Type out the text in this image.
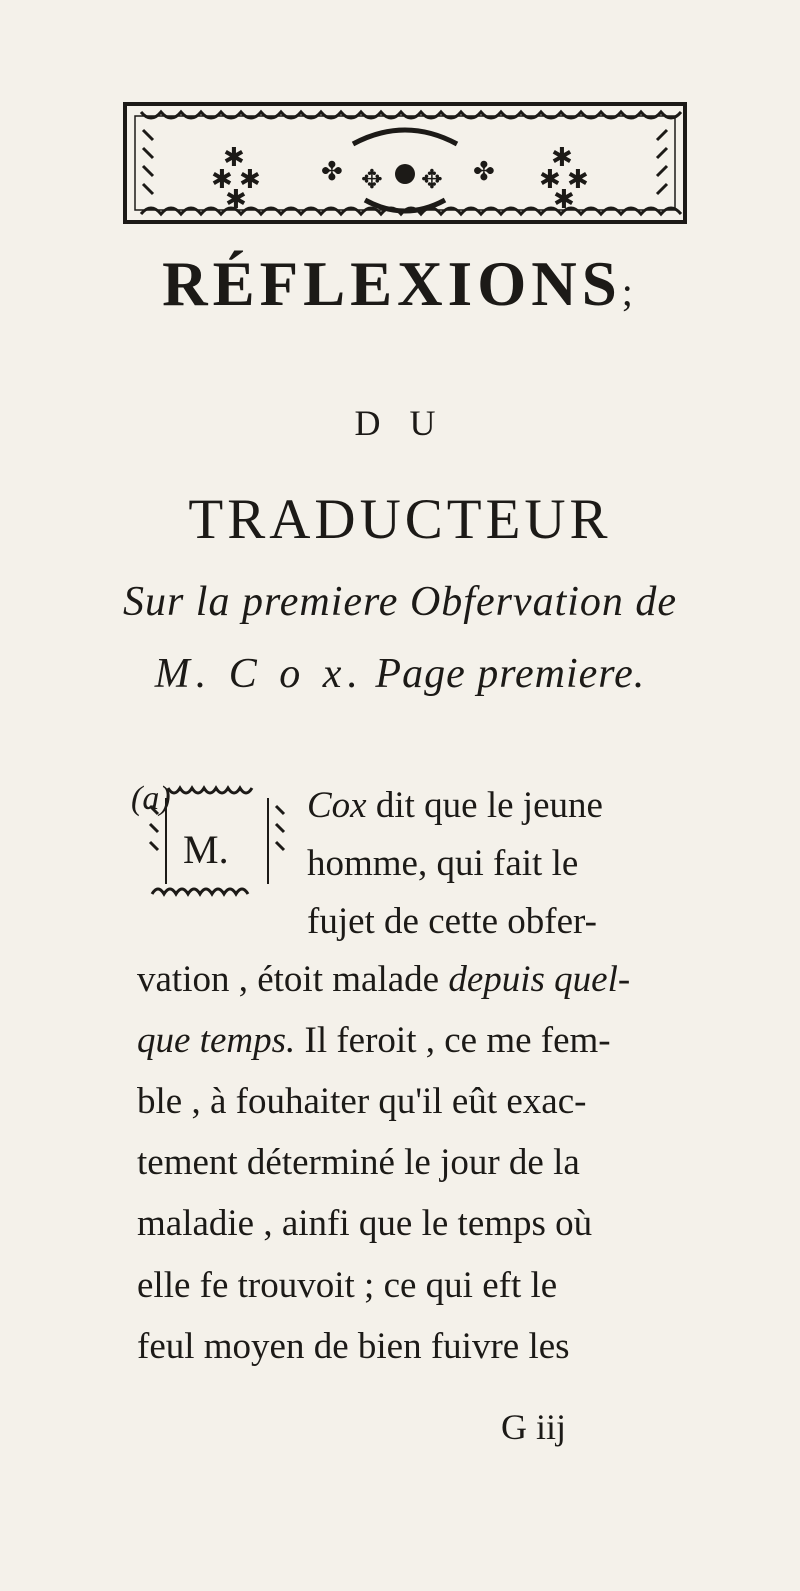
✱
✱ ✱
✱
✱
✱ ✱
✱
✤	✤
✥ ✥
RÉFLEXIONS;
D U
TRADUCTEUR
Sur la premiere Obfervation de
M. C o x. Page premiere.
(a)
M.
Cox dit que le jeune
homme, qui fait le
fujet de cette obfer-
vation , étoit malade depuis quel-
que temps. Il feroit , ce me fem-
ble , à fouhaiter qu'il eût exac-
tement déterminé le jour de la
maladie , ainfi que le temps où
elle fe trouvoit ; ce qui eft le
feul moyen de bien fuivre les
G iij
